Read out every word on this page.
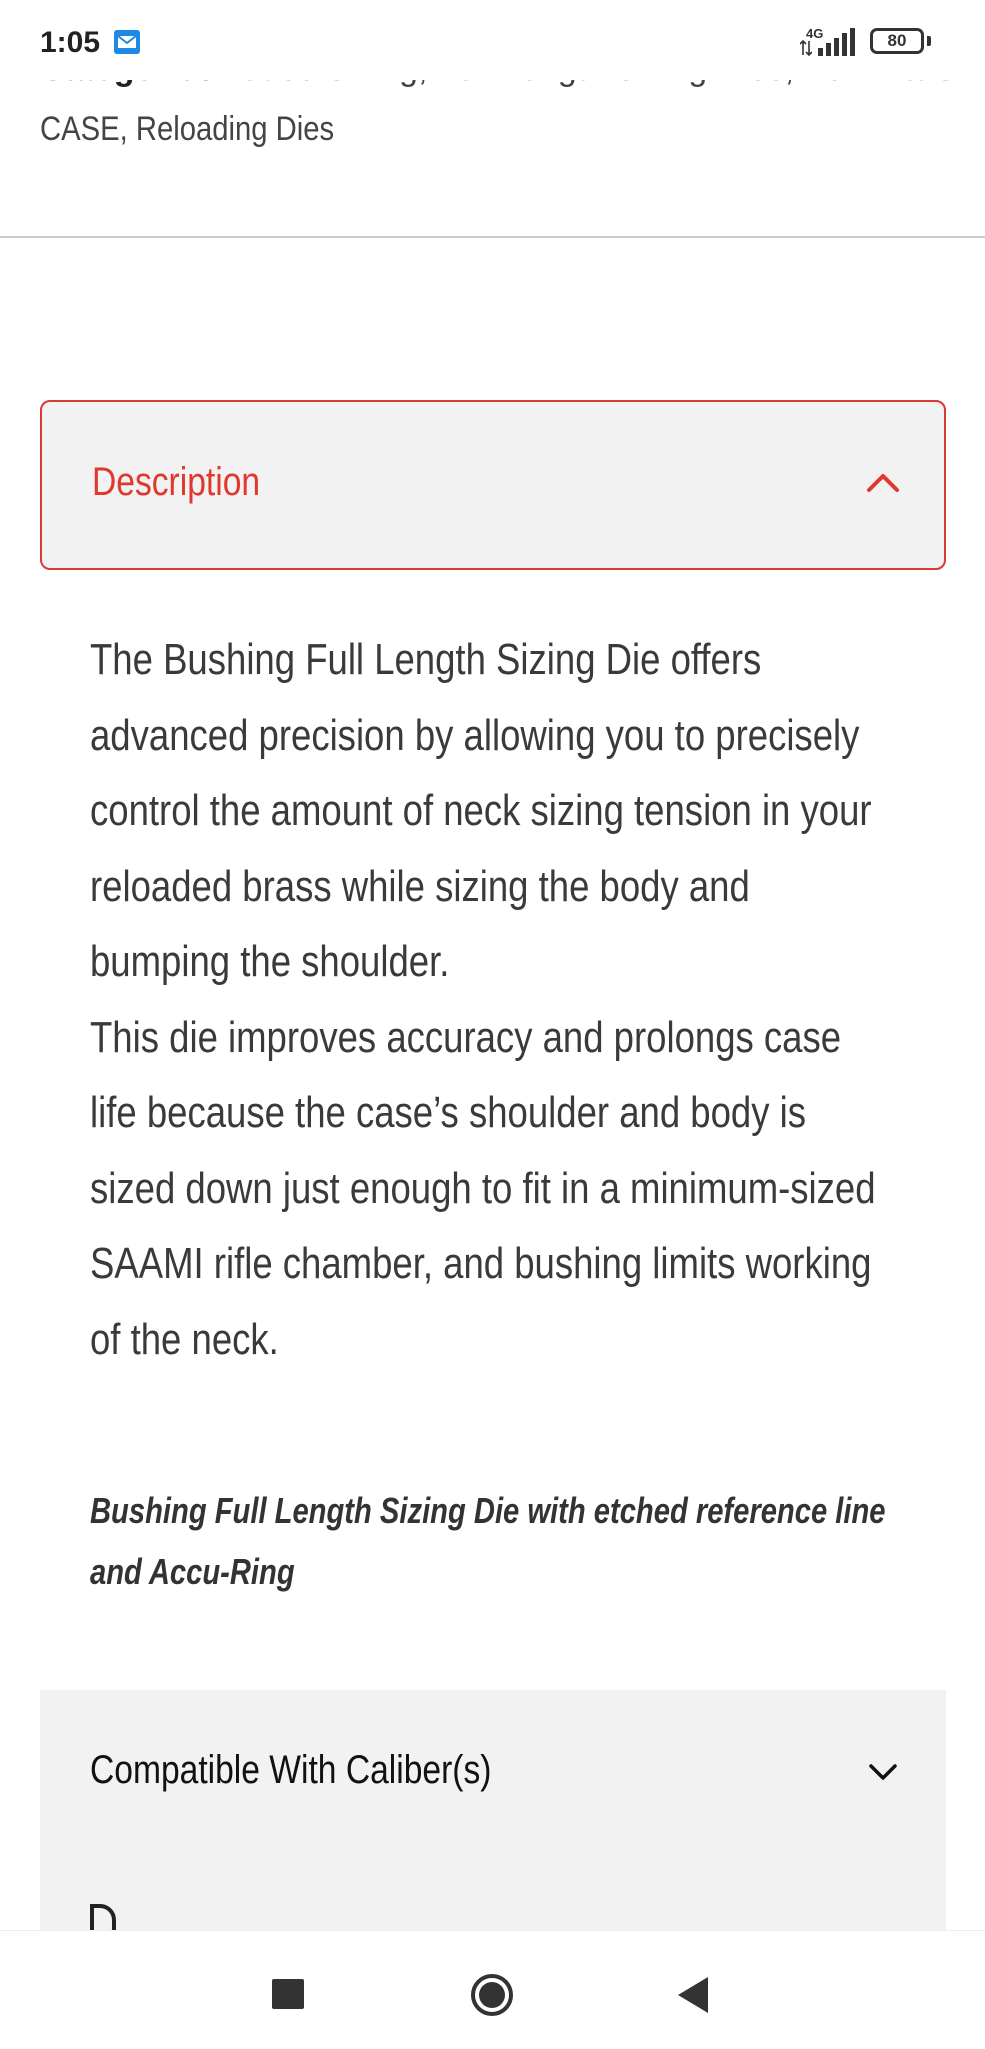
1:05	4G	80
CASE, Reloading Dies
Description

The Bushing Full Length Sizing Die offers advanced precision by allowing you to precisely control the amount of neck sizing tension in your reloaded brass while sizing the body and bumping the shoulder.

This die improves accuracy and prolongs case life because the case’s shoulder and body is sized down just enough to fit in a minimum-sized SAAMI rifle chamber, and bushing limits working of the neck.

Bushing Full Length Sizing Die with etched reference line and Accu-Ring
Compatible With Caliber(s)
